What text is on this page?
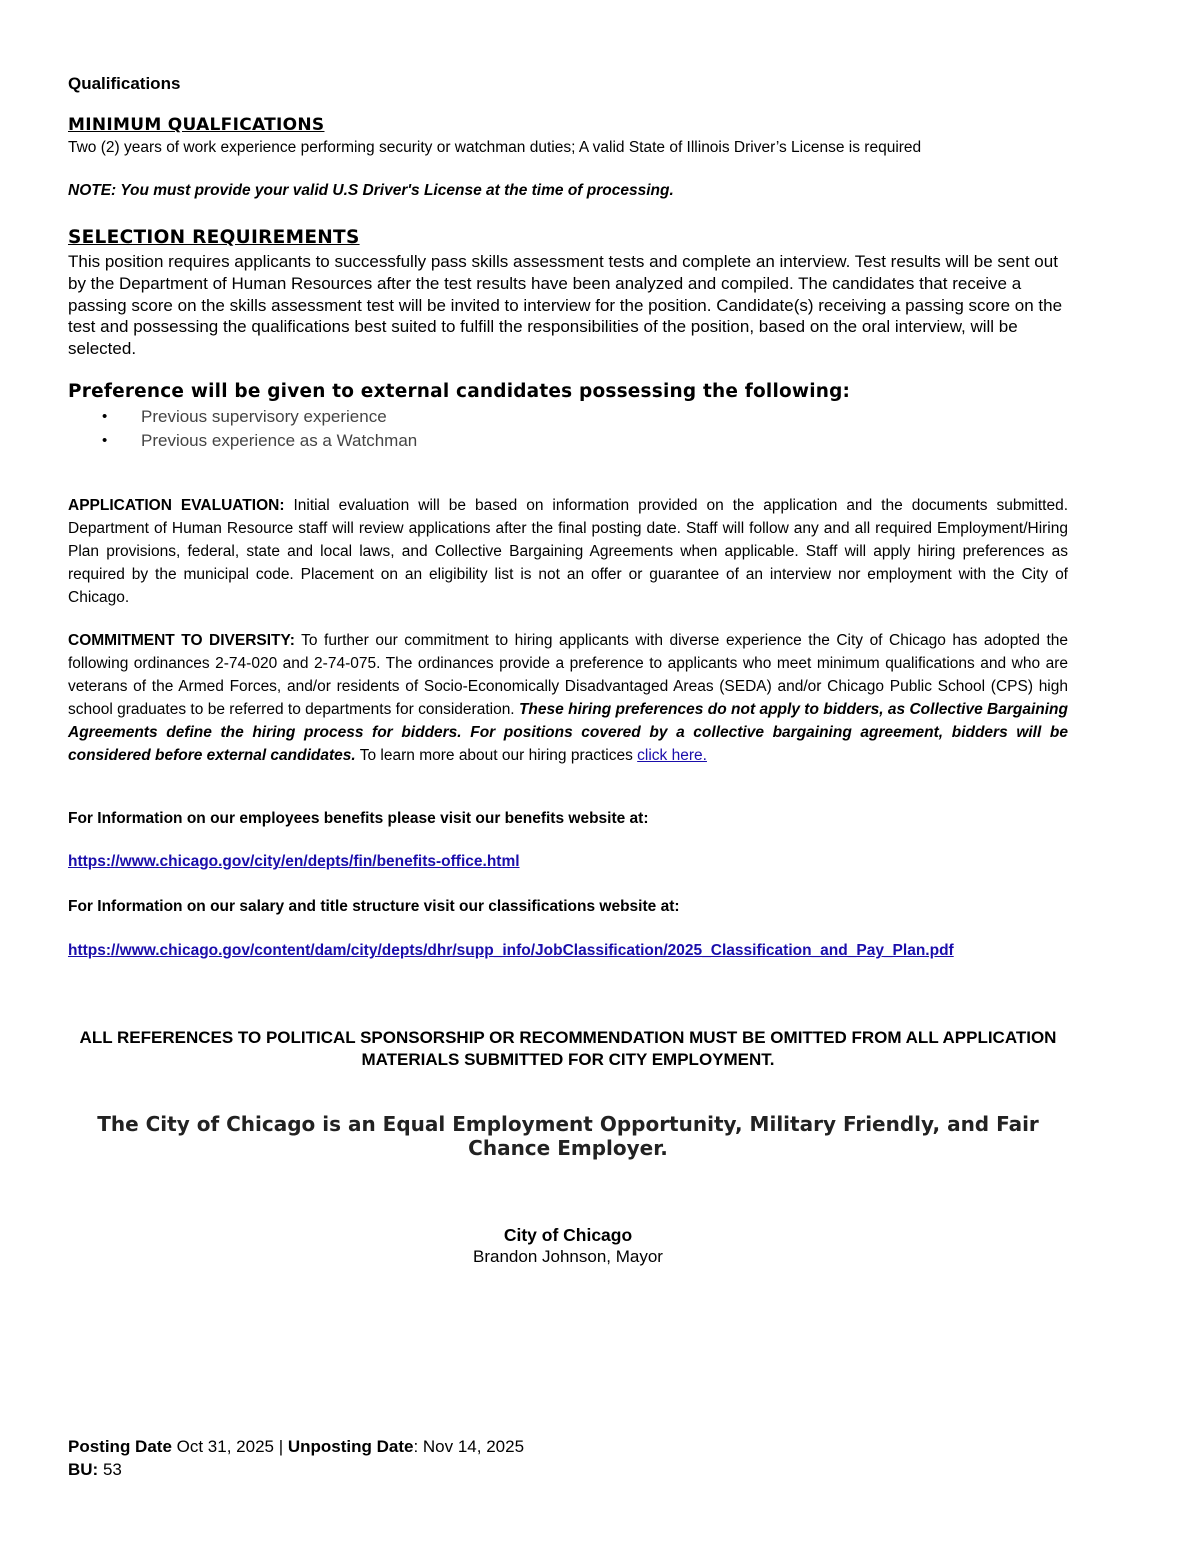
Qualifications
MINIMUM QUALFICATIONS
Two (2) years of work experience performing security or watchman duties; A valid State of Illinois Driver’s License is required
NOTE: You must provide your valid U.S Driver's License at the time of processing.
SELECTION REQUIREMENTS
This position requires applicants to successfully pass skills assessment tests and complete an interview. Test results will be sent out by the Department of Human Resources after the test results have been analyzed and compiled. The candidates that receive a passing score on the skills assessment test will be invited to interview for the position. Candidate(s) receiving a passing score on the test and possessing the qualifications best suited to fulfill the responsibilities of the position, based on the oral interview, will be selected.
Preference will be given to external candidates possessing the following:
• Previous supervisory experience
• Previous experience as a Watchman
APPLICATION EVALUATION: Initial evaluation will be based on information provided on the application and the documents submitted. Department of Human Resource staff will review applications after the final posting date. Staff will follow any and all required Employment/Hiring Plan provisions, federal, state and local laws, and Collective Bargaining Agreements when applicable. Staff will apply hiring preferences as required by the municipal code. Placement on an eligibility list is not an offer or guarantee of an interview nor employment with the City of Chicago.
COMMITMENT TO DIVERSITY: To further our commitment to hiring applicants with diverse experience the City of Chicago has adopted the following ordinances 2-74-020 and 2-74-075. The ordinances provide a preference to applicants who meet minimum qualifications and who are veterans of the Armed Forces, and/or residents of Socio-Economically Disadvantaged Areas (SEDA) and/or Chicago Public School (CPS) high school graduates to be referred to departments for consideration. These hiring preferences do not apply to bidders, as Collective Bargaining Agreements define the hiring process for bidders. For positions covered by a collective bargaining agreement, bidders will be considered before external candidates. To learn more about our hiring practices click here.
For Information on our employees benefits please visit our benefits website at:
https://www.chicago.gov/city/en/depts/fin/benefits-office.html
For Information on our salary and title structure visit our classifications website at:
https://www.chicago.gov/content/dam/city/depts/dhr/supp_info/JobClassification/2025_Classification_and_Pay_Plan.pdf
ALL REFERENCES TO POLITICAL SPONSORSHIP OR RECOMMENDATION MUST BE OMITTED FROM ALL APPLICATION MATERIALS SUBMITTED FOR CITY EMPLOYMENT.
The City of Chicago is an Equal Employment Opportunity, Military Friendly, and Fair Chance Employer.
City of Chicago
Brandon Johnson, Mayor
Posting Date Oct 31, 2025 | Unposting Date: Nov 14, 2025
BU: 53
